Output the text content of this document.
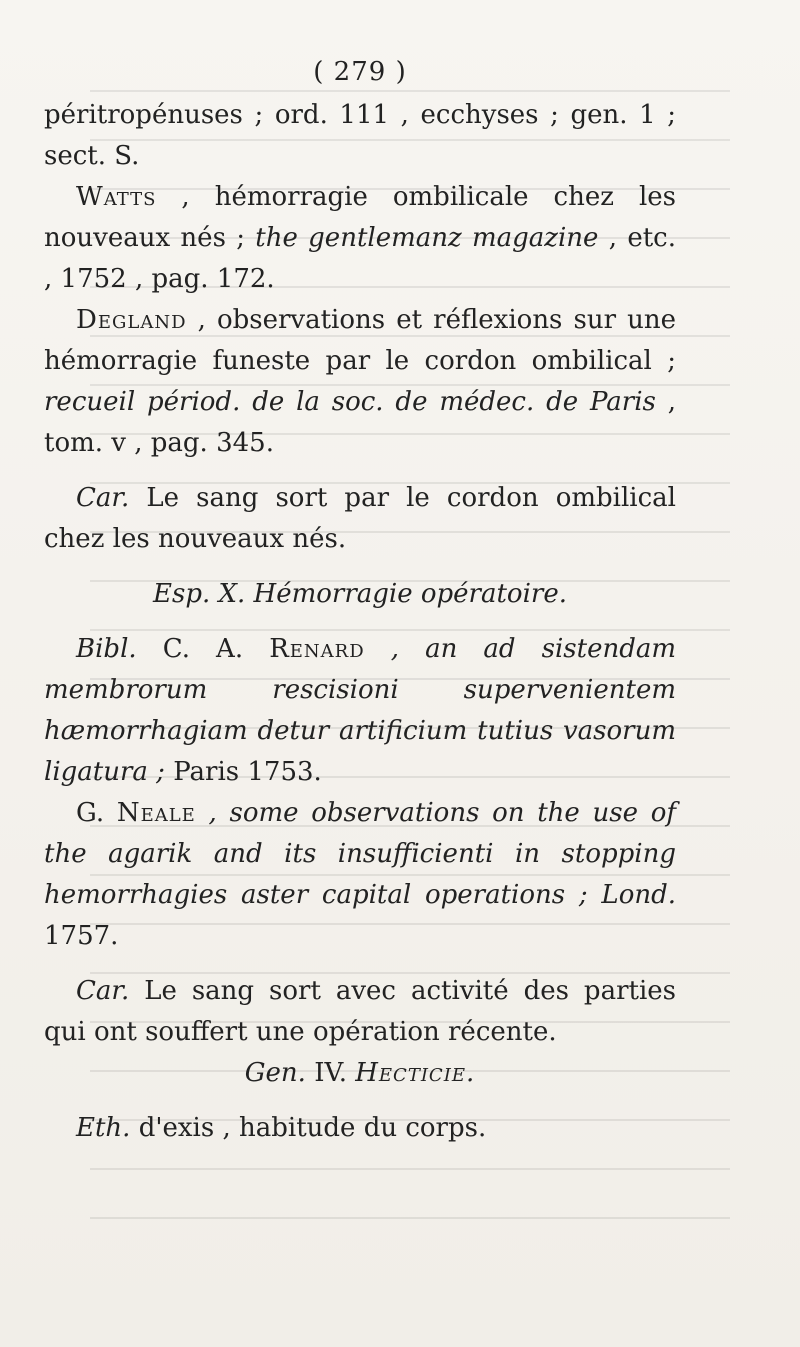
( 279 )

péritropénuses ; ord. 111 , ecchyses ; gen. 1 ; sect. S.

Watts , hémorragie ombilicale chez les nouveaux nés ; the gentlemanz magazine , etc. , 1752 , pag. 172.

Degland , observations et réflexions sur une hémorragie funeste par le cordon ombilical ; recueil périod. de la soc. de médec. de Paris , tom. v , pag. 345.

Car. Le sang sort par le cordon ombilical chez les nouveaux nés.

Esp. X. Hémorragie opératoire.

Bibl. C. A. Renard , an ad sistendam membrorum rescisioni supervenientem hæmorrhagiam detur artificium tutius vasorum ligatura ; Paris 1753.

G. Neale , some observations on the use of the agarik and its insufficienti in stopping hemorrhagies aster capital operations ; Lond. 1757.

Car. Le sang sort avec activité des parties qui ont souffert une opération récente.

Gen. IV. Hecticie.

Eth. d'exis , habitude du corps.
